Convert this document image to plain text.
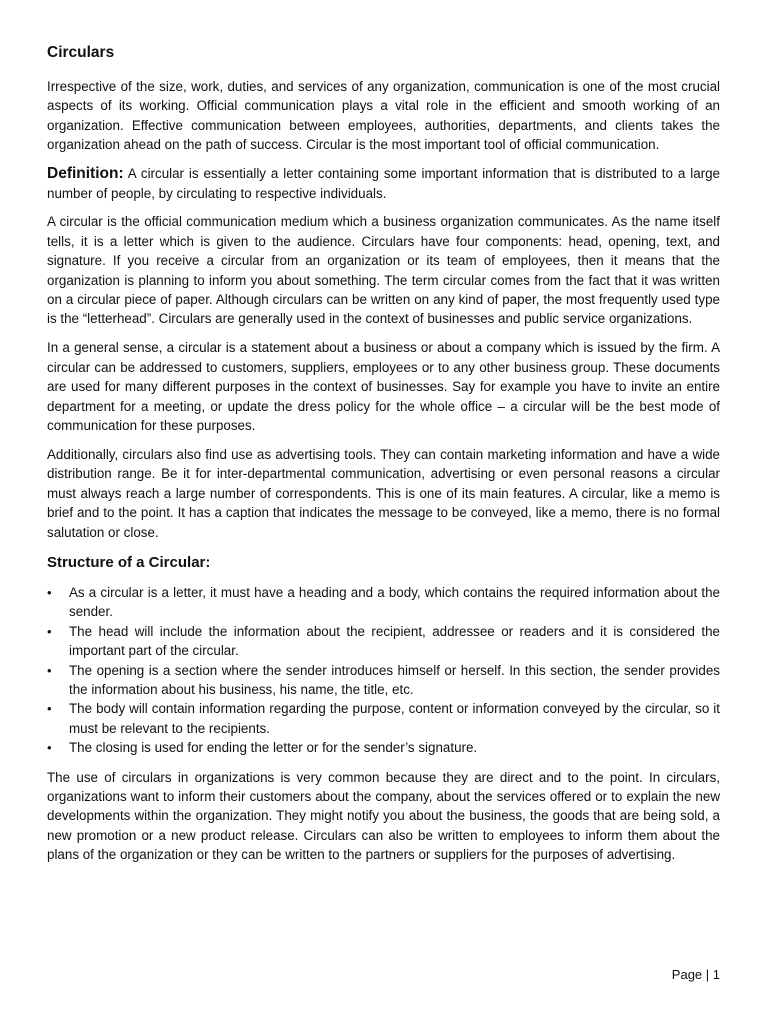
Circulars

Irrespective of the size, work, duties, and services of any organization, communication is one of the most crucial aspects of its working. Official communication plays a vital role in the efficient and smooth working of an organization. Effective communication between employees, authorities, departments, and clients takes the organization ahead on the path of success. Circular is the most important tool of official communication.

Definition: A circular is essentially a letter containing some important information that is distributed to a large number of people, by circulating to respective individuals.

A circular is the official communication medium which a business organization communicates. As the name itself tells, it is a letter which is given to the audience. Circulars have four components: head, opening, text, and signature. If you receive a circular from an organization or its team of employees, then it means that the organization is planning to inform you about something. The term circular comes from the fact that it was written on a circular piece of paper. Although circulars can be written on any kind of paper, the most frequently used type is the “letterhead”. Circulars are generally used in the context of businesses and public service organizations.

In a general sense, a circular is a statement about a business or about a company which is issued by the firm. A circular can be addressed to customers, suppliers, employees or to any other business group. These documents are used for many different purposes in the context of businesses. Say for example you have to invite an entire department for a meeting, or update the dress policy for the whole office – a circular will be the best mode of communication for these purposes.

Additionally, circulars also find use as advertising tools. They can contain marketing information and have a wide distribution range. Be it for inter-departmental communication, advertising or even personal reasons a circular must always reach a large number of correspondents. This is one of its main features. A circular, like a memo is brief and to the point. It has a caption that indicates the message to be conveyed, like a memo, there is no formal salutation or close.

Structure of a Circular:
• As a circular is a letter, it must have a heading and a body, which contains the required information about the sender.
• The head will include the information about the recipient, addressee or readers and it is considered the important part of the circular.
• The opening is a section where the sender introduces himself or herself. In this section, the sender provides the information about his business, his name, the title, etc.
• The body will contain information regarding the purpose, content or information conveyed by the circular, so it must be relevant to the recipients.
• The closing is used for ending the letter or for the sender’s signature.

The use of circulars in organizations is very common because they are direct and to the point. In circulars, organizations want to inform their customers about the company, about the services offered or to explain the new developments within the organization. They might notify you about the business, the goods that are being sold, a new promotion or a new product release. Circulars can also be written to employees to inform them about the plans of the organization or they can be written to the partners or suppliers for the purposes of advertising.

Page | 1
